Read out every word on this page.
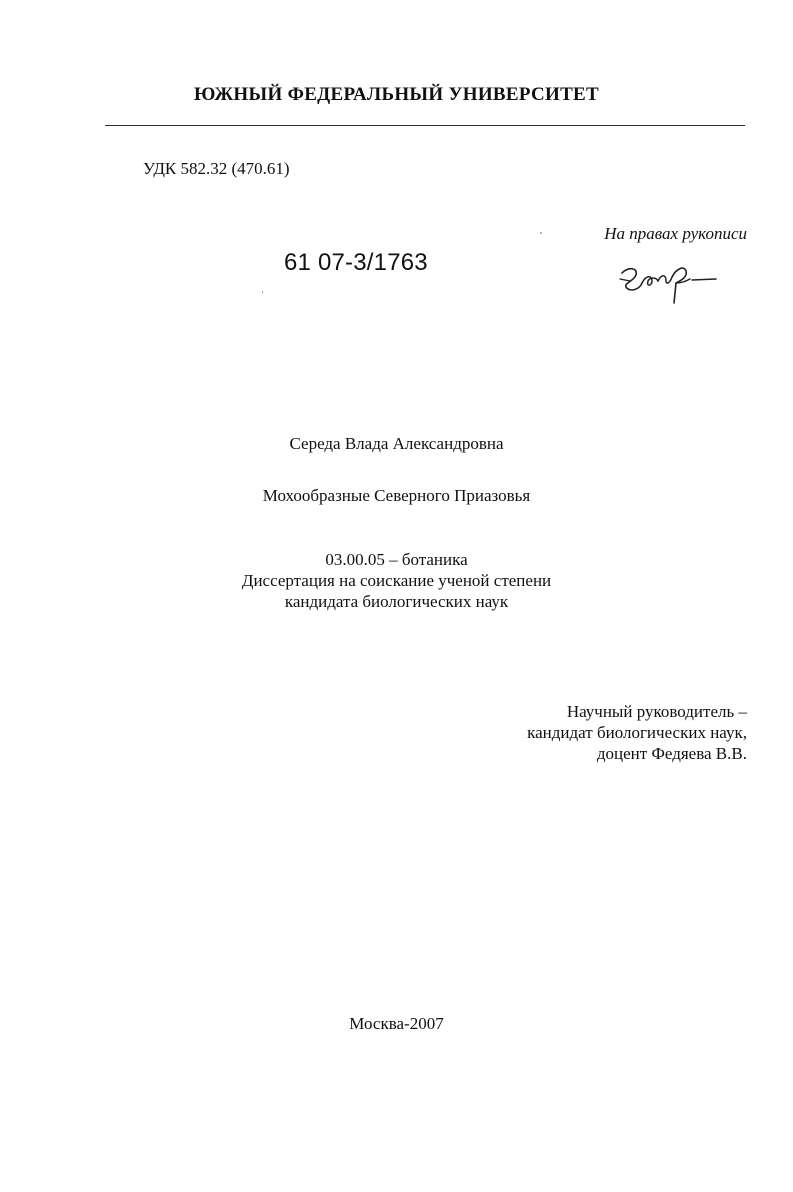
ЮЖНЫЙ ФЕДЕРАЛЬНЫЙ УНИВЕРСИТЕТ
УДК 582.32 (470.61)
На правах рукописи
61 07-3/1763
Середа Влада Александровна
Мохообразные Северного Приазовья
03.00.05 – ботаника
Диссертация на соискание ученой степени
кандидата биологических наук
Научный руководитель –
кандидат биологических наук,
доцент Федяева В.В.
Москва-2007
